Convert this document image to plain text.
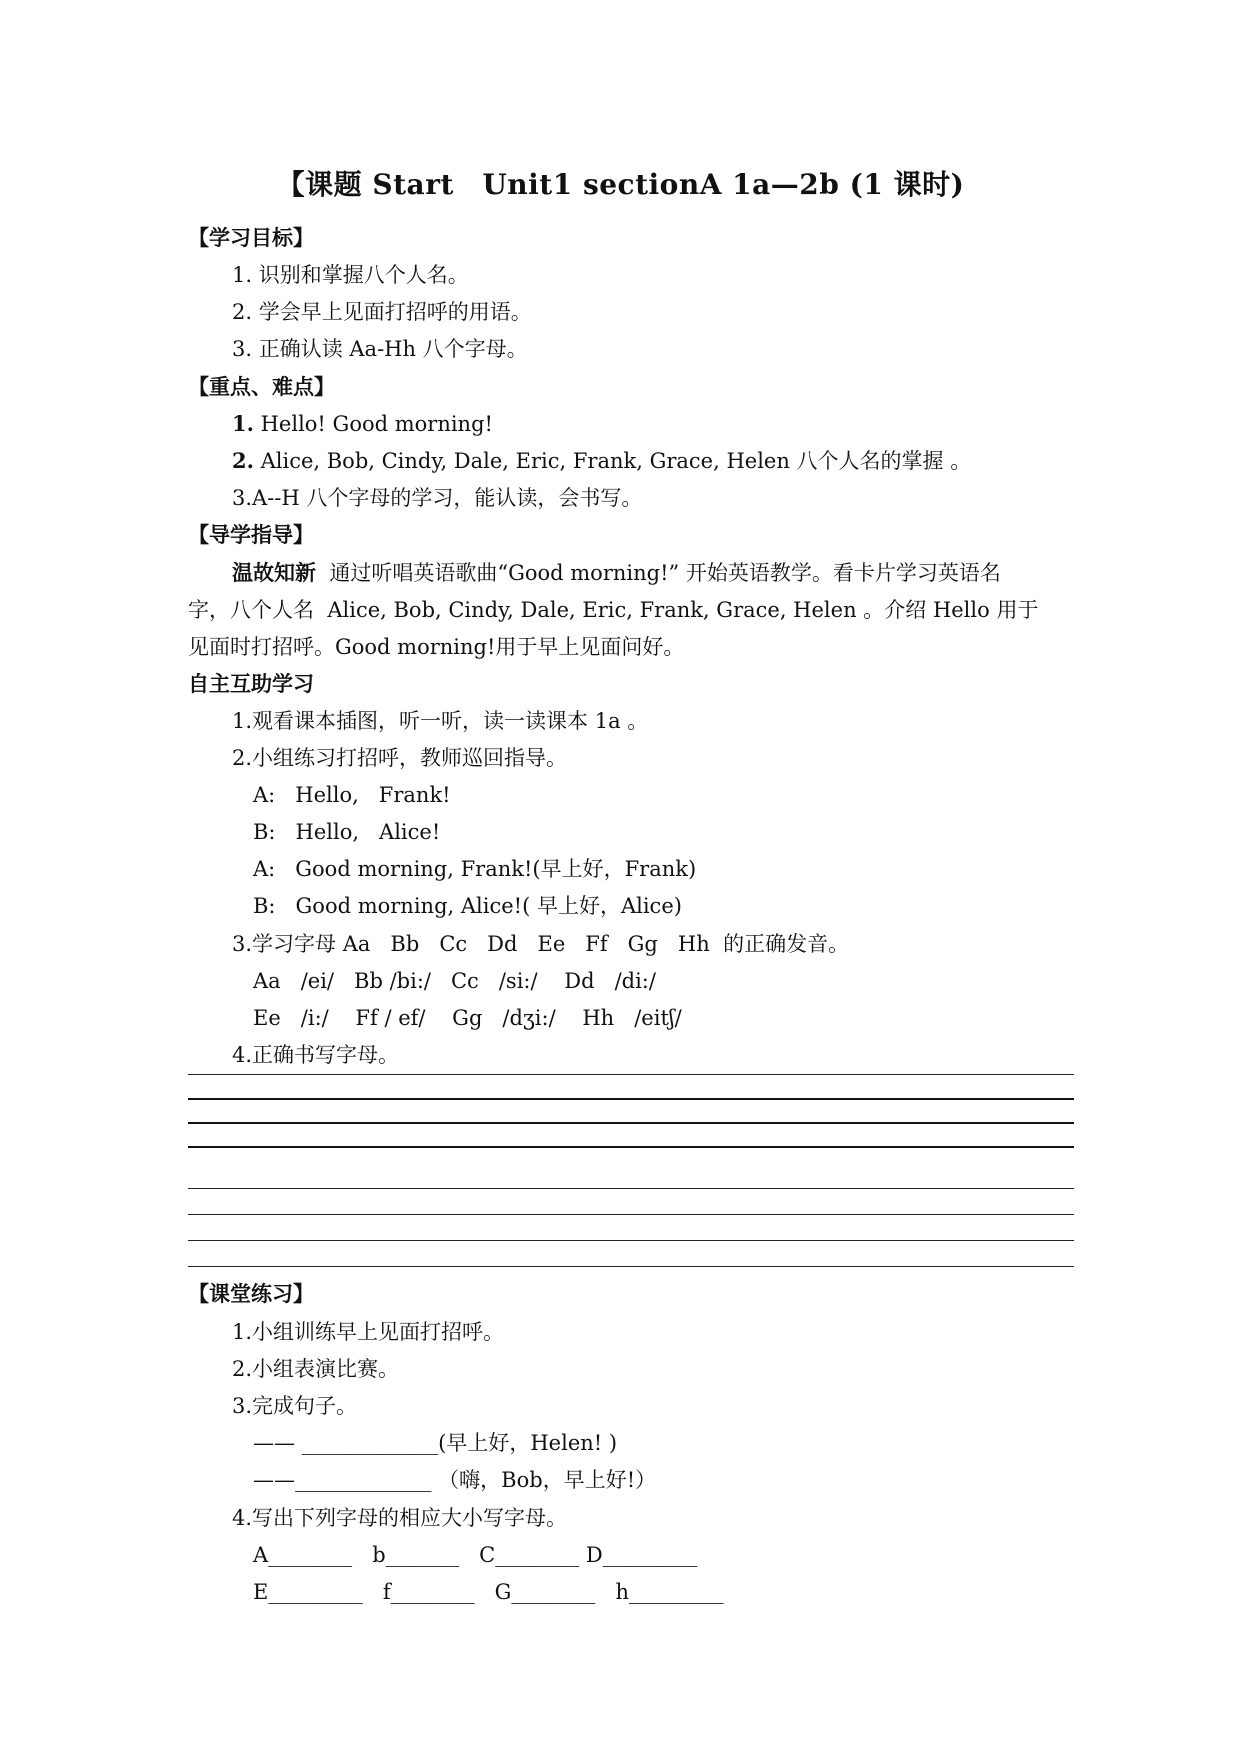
【课题 Start　Unit1 sectionA 1a—2b (1 课时)
【学习目标】
1. 识别和掌握八个人名。
2. 学会早上见面打招呼的用语。
3. 正确认读 Aa-Hh 八个字母。
【重点、难点】
1. Hello! Good morning!
2. Alice, Bob, Cindy, Dale, Eric, Frank, Grace, Helen 八个人名的掌握 。
3.A--H 八个字母的学习，能认读，会书写。
【导学指导】
温故知新  通过听唱英语歌曲“Good morning!” 开始英语教学。看卡片学习英语名
字，八个人名  Alice, Bob, Cindy, Dale, Eric, Frank, Grace, Helen 。介绍 Hello 用于
见面时打招呼。Good morning!用于早上见面问好。
自主互助学习
1.观看课本插图，听一听，读一读课本 1a 。
2.小组练习打招呼，教师巡回指导。
A:   Hello,   Frank!
B:   Hello,   Alice!
A:   Good morning, Frank!(早上好，Frank)
B:   Good morning, Alice!( 早上好，Alice)
3.学习字母 Aa   Bb   Cc   Dd   Ee   Ff   Gg   Hh  的正确发音。
Aa   /ei/   Bb /bi:/   Cc   /si:/    Dd   /di:/
Ee   /i:/    Ff / ef/    Gg   /dʒi:/    Hh   /eitʃ/
4.正确书写字母。
【课堂练习】
1.小组训练早上见面打招呼。
2.小组表演比赛。
3.完成句子。
—— _____________(早上好，Helen! )
——_____________ （嗨，Bob，早上好!）
4.写出下列字母的相应大小写字母。
A________   b_______   C________ D_________
E_________   f________   G________   h_________
